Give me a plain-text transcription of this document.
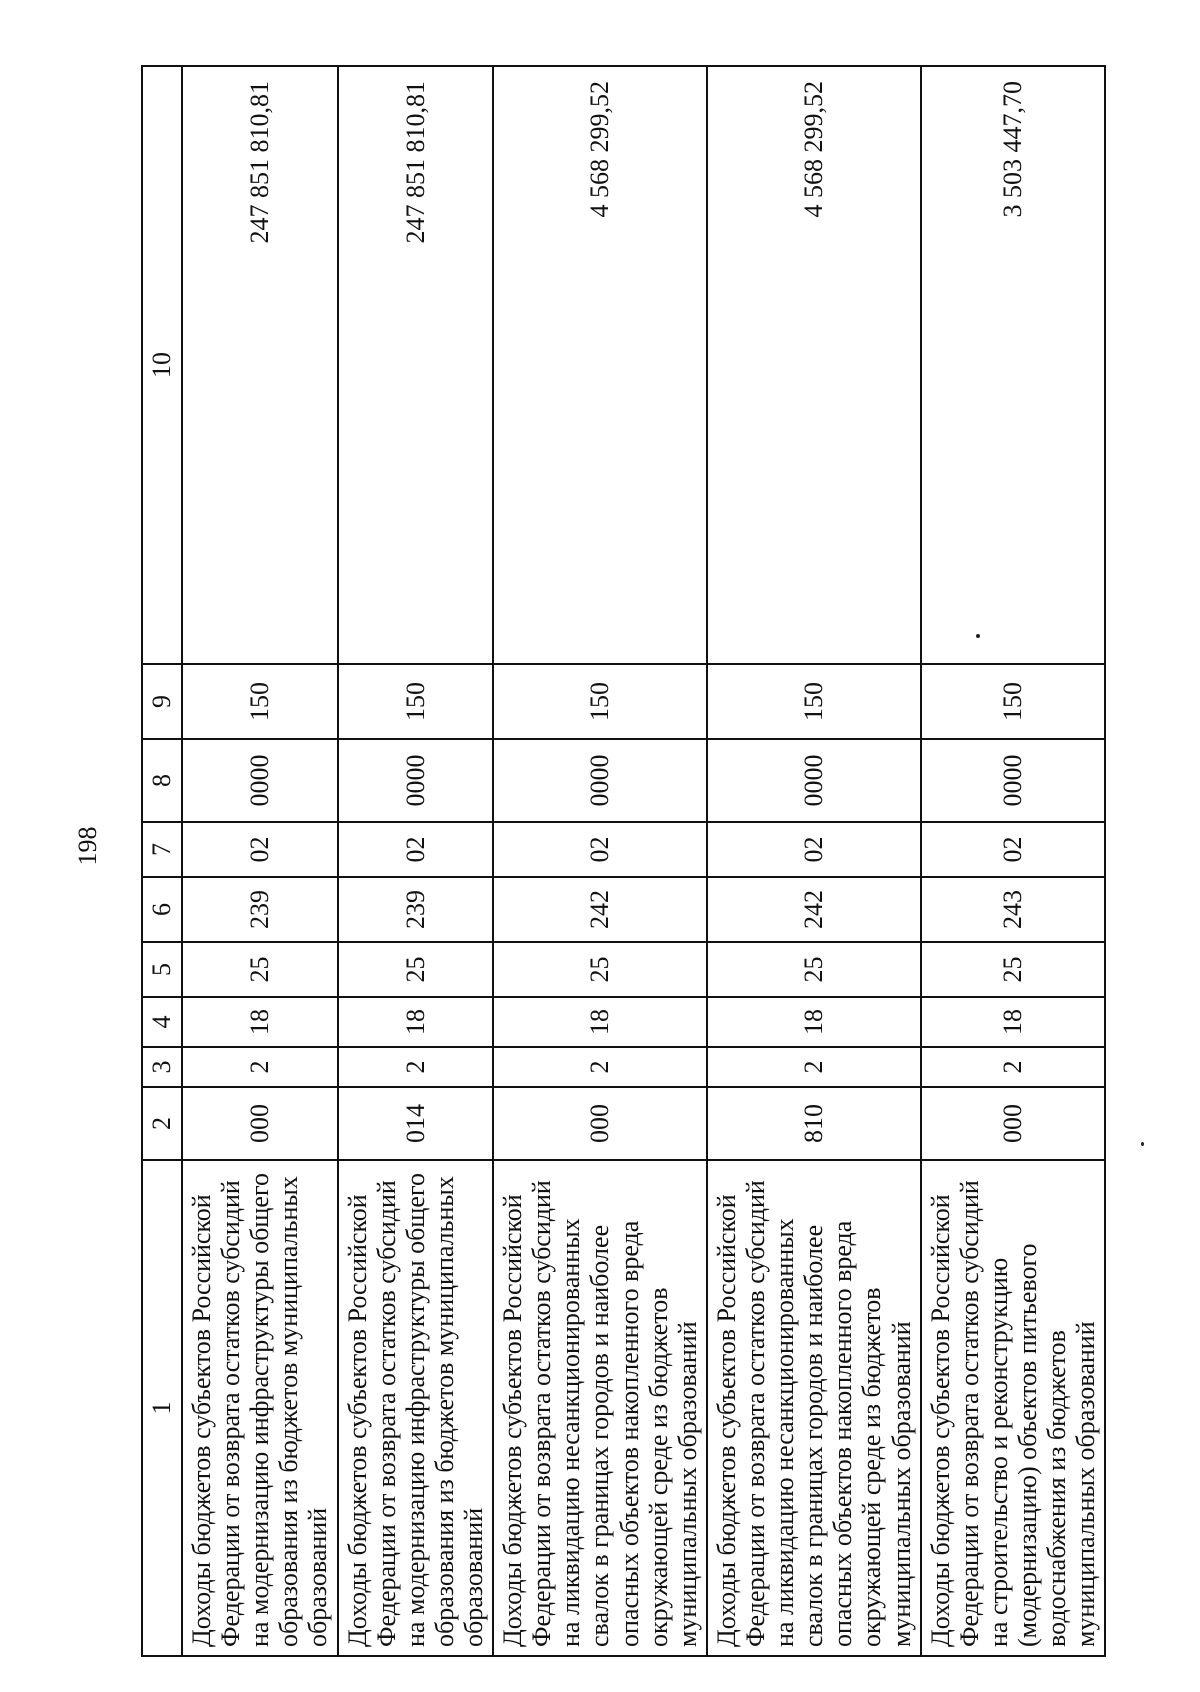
198
1	2	3	4	5	6	7	8	9	10
Доходы бюджетов субъектов Российской Федерации от возврата остатков субсидий на модернизацию инфраструктуры общего образования из бюджетов муниципальных образований	000	2	18	25	239	02	0000	150	247 851 810,81
Доходы бюджетов субъектов Российской Федерации от возврата остатков субсидий на модернизацию инфраструктуры общего образования из бюджетов муниципальных образований	014	2	18	25	239	02	0000	150	247 851 810,81
Доходы бюджетов субъектов Российской Федерации от возврата остатков субсидий на ликвидацию несанкционированных свалок в границах городов и наиболее опасных объектов накопленного вреда окружающей среде из бюджетов муниципальных образований	000	2	18	25	242	02	0000	150	4 568 299,52
Доходы бюджетов субъектов Российской Федерации от возврата остатков субсидий на ликвидацию несанкционированных свалок в границах городов и наиболее опасных объектов накопленного вреда окружающей среде из бюджетов муниципальных образований	810	2	18	25	242	02	0000	150	4 568 299,52
Доходы бюджетов субъектов Российской Федерации от возврата остатков субсидий на строительство и реконструкцию (модернизацию) объектов питьевого водоснабжения из бюджетов муниципальных образований	000	2	18	25	243	02	0000	150	3 503 447,70
